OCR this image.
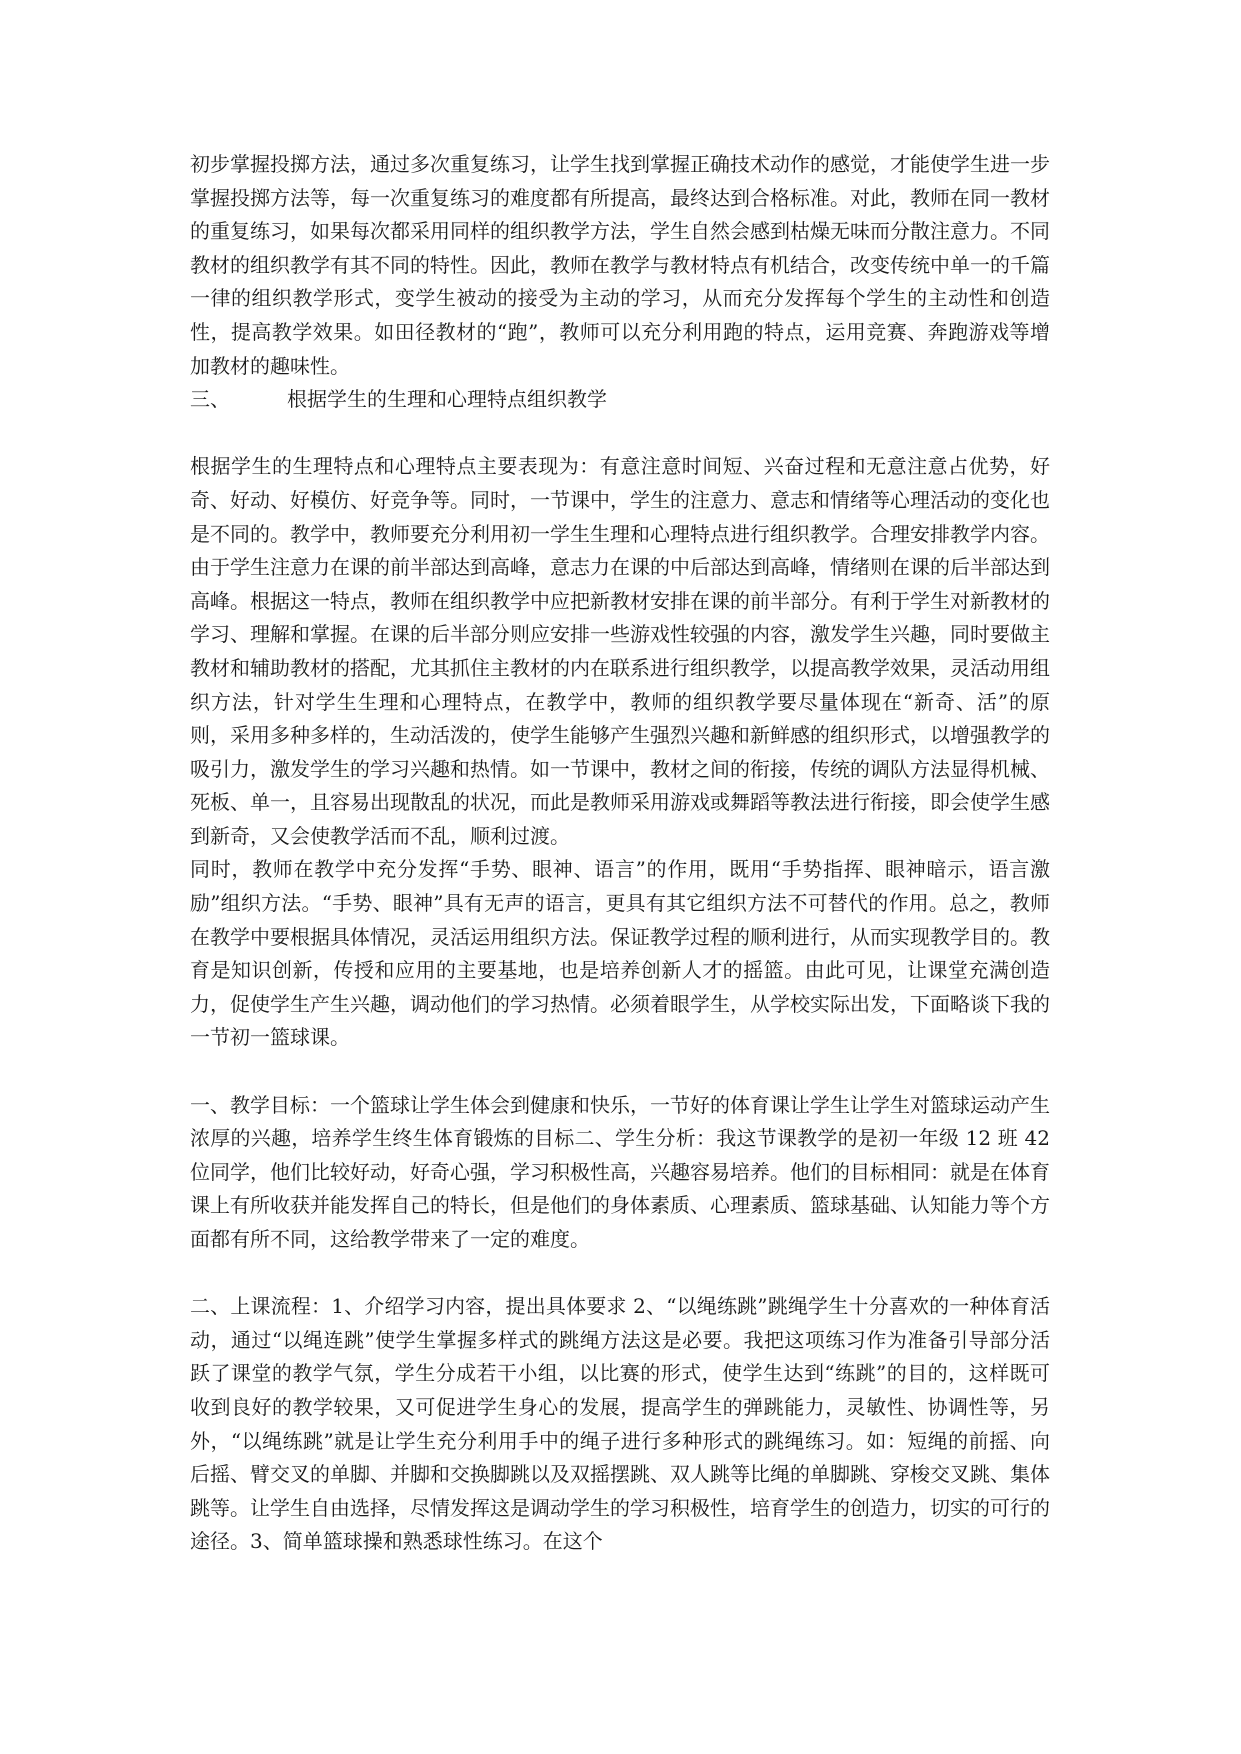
初步掌握投掷方法，通过多次重复练习，让学生找到掌握正确技术动作的感觉，才能使学生进一步掌握投掷方法等，每一次重复练习的难度都有所提高，最终达到合格标准。对此，教师在同一教材的重复练习，如果每次都采用同样的组织教学方法，学生自然会感到枯燥无味而分散注意力。不同教材的组织教学有其不同的特性。因此，教师在教学与教材特点有机结合，改变传统中单一的千篇一律的组织教学形式，变学生被动的接受为主动的学习，从而充分发挥每个学生的主动性和创造性，提高教学效果。如田径教材的“跑”，教师可以充分利用跑的特点，运用竞赛、奔跑游戏等增加教材的趣味性。

三、	根据学生的生理和心理特点组织教学

根据学生的生理特点和心理特点主要表现为：有意注意时间短、兴奋过程和无意注意占优势，好奇、好动、好模仿、好竞争等。同时，一节课中，学生的注意力、意志和情绪等心理活动的变化也是不同的。教学中，教师要充分利用初一学生生理和心理特点进行组织教学。合理安排教学内容。由于学生注意力在课的前半部达到高峰，意志力在课的中后部达到高峰，情绪则在课的后半部达到高峰。根据这一特点，教师在组织教学中应把新教材安排在课的前半部分。有利于学生对新教材的学习、理解和掌握。在课的后半部分则应安排一些游戏性较强的内容，激发学生兴趣，同时要做主教材和辅助教材的搭配，尤其抓住主教材的内在联系进行组织教学，以提高教学效果，灵活动用组织方法，针对学生生理和心理特点，在教学中，教师的组织教学要尽量体现在“新奇、活”的原则，采用多种多样的，生动活泼的，使学生能够产生强烈兴趣和新鲜感的组织形式，以增强教学的吸引力，激发学生的学习兴趣和热情。如一节课中，教材之间的衔接，传统的调队方法显得机械、死板、单一，且容易出现散乱的状况，而此是教师采用游戏或舞蹈等教法进行衔接，即会使学生感到新奇，又会使教学活而不乱，顺利过渡。

同时，教师在教学中充分发挥“手势、眼神、语言”的作用，既用“手势指挥、眼神暗示，语言激励”组织方法。“手势、眼神”具有无声的语言，更具有其它组织方法不可替代的作用。总之，教师在教学中要根据具体情况，灵活运用组织方法。保证教学过程的顺利进行，从而实现教学目的。教育是知识创新，传授和应用的主要基地，也是培养创新人才的摇篮。由此可见，让课堂充满创造力，促使学生产生兴趣，调动他们的学习热情。必须着眼学生，从学校实际出发，下面略谈下我的一节初一篮球课。

一、教学目标：一个篮球让学生体会到健康和快乐，一节好的体育课让学生让学生对篮球运动产生浓厚的兴趣，培养学生终生体育锻炼的目标二、学生分析：我这节课教学的是初一年级 12 班 42 位同学，他们比较好动，好奇心强，学习积极性高，兴趣容易培养。他们的目标相同：就是在体育课上有所收获并能发挥自己的特长，但是他们的身体素质、心理素质、篮球基础、认知能力等个方面都有所不同，这给教学带来了一定的难度。

二、上课流程：1、介绍学习内容，提出具体要求 2、“以绳练跳”跳绳学生十分喜欢的一种体育活动，通过“以绳连跳”使学生掌握多样式的跳绳方法这是必要。我把这项练习作为准备引导部分活跃了课堂的教学气氛，学生分成若干小组，以比赛的形式，使学生达到“练跳”的目的，这样既可收到良好的教学较果，又可促进学生身心的发展，提高学生的弹跳能力，灵敏性、协调性等，另外，“以绳练跳”就是让学生充分利用手中的绳子进行多种形式的跳绳练习。如：短绳的前摇、向后摇、臂交叉的单脚、并脚和交换脚跳以及双摇摆跳、双人跳等比绳的单脚跳、穿梭交叉跳、集体跳等。让学生自由选择，尽情发挥这是调动学生的学习积极性，培育学生的创造力，切实的可行的途径。3、简单篮球操和熟悉球性练习。在这个
